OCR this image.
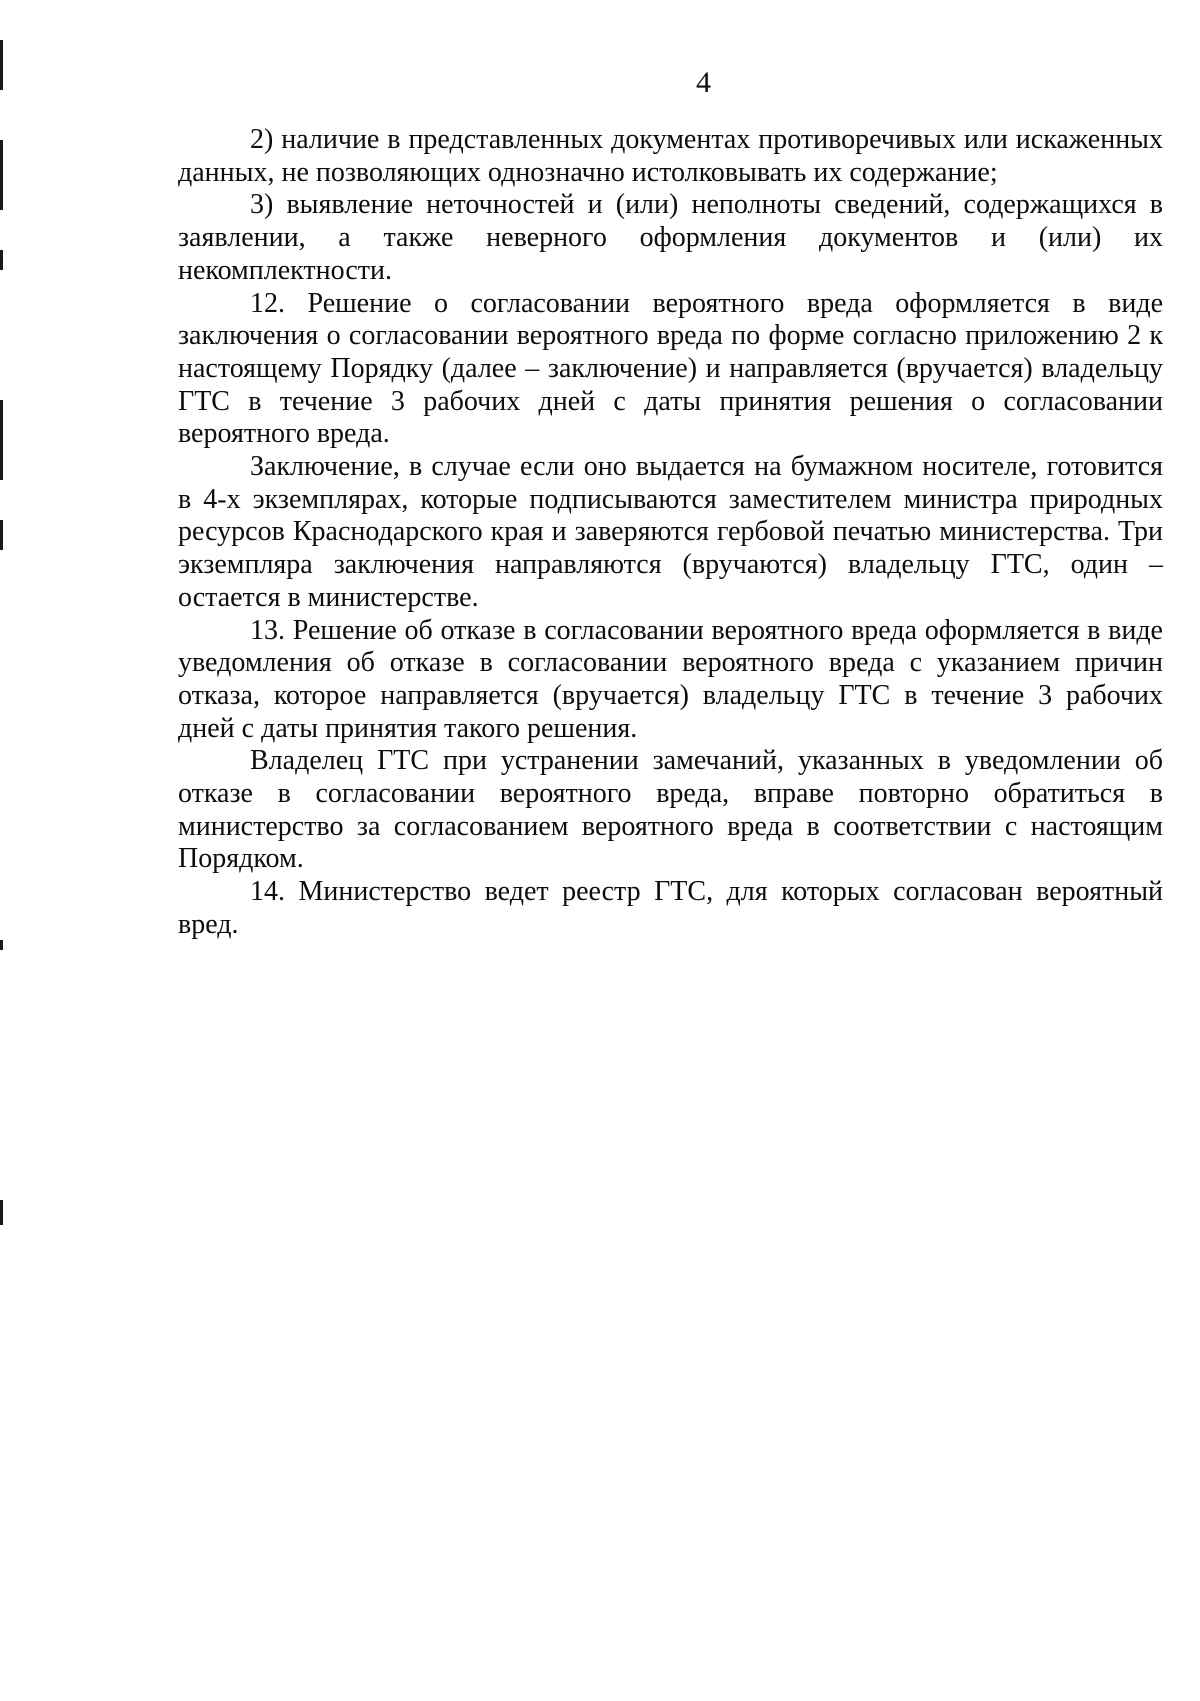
4

2) наличие в представленных документах противоречивых или искаженных данных, не позволяющих однозначно истолковывать их содержание;

3) выявление неточностей и (или) неполноты сведений, содержащихся в заявлении, а также неверного оформления документов и (или) их некомплектности.

12. Решение о согласовании вероятного вреда оформляется в виде заключения о согласовании вероятного вреда по форме согласно приложению 2 к настоящему Порядку (далее – заключение) и направляется (вручается) владельцу ГТС в течение 3 рабочих дней с даты принятия решения о согласовании вероятного вреда.

Заключение, в случае если оно выдается на бумажном носителе, готовится в 4-х экземплярах, которые подписываются заместителем министра природных ресурсов Краснодарского края и заверяются гербовой печатью министерства. Три экземпляра заключения направляются (вручаются) владельцу ГТС, один – остается в министерстве.

13. Решение об отказе в согласовании вероятного вреда оформляется в виде уведомления об отказе в согласовании вероятного вреда с указанием причин отказа, которое направляется (вручается) владельцу ГТС в течение 3 рабочих дней с даты принятия такого решения.

Владелец ГТС при устранении замечаний, указанных в уведомлении об отказе в согласовании вероятного вреда, вправе повторно обратиться в министерство за согласованием вероятного вреда в соответствии с настоящим Порядком.

14. Министерство ведет реестр ГТС, для которых согласован вероятный вред.
